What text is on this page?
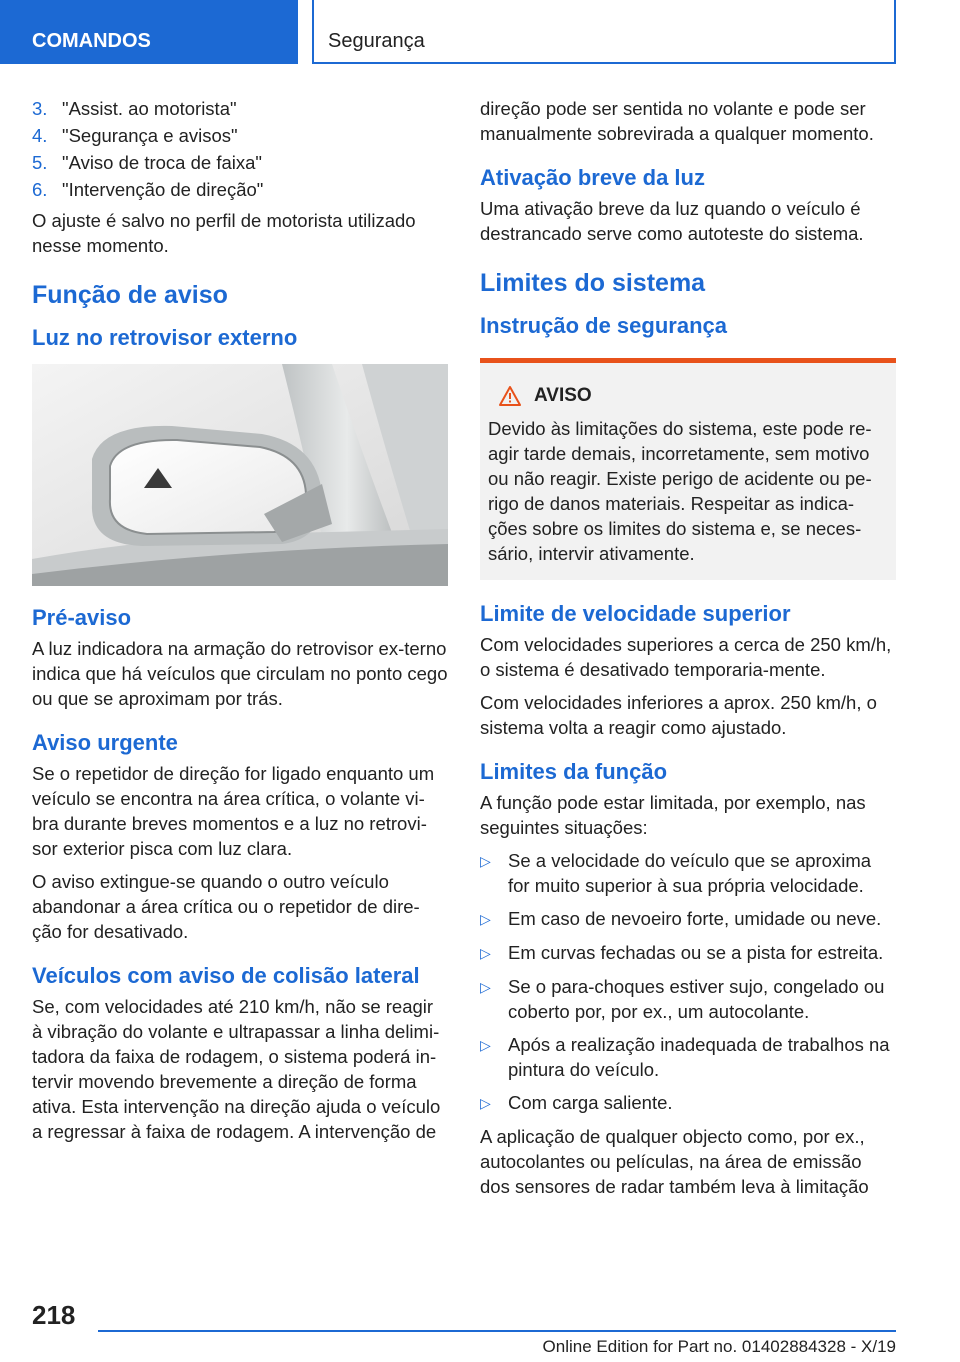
COMANDOS	Segurança
3. "Assist. ao motorista"
4. "Segurança e avisos"
5. "Aviso de troca de faixa"
6. "Intervenção de direção"

O ajuste é salvo no perfil de motorista utilizado nesse momento.

Função de aviso
Luz no retrovisor externo
Pré-aviso

A luz indicadora na armação do retrovisor ex-terno indica que há veículos que circulam no ponto cego ou que se aproximam por trás.

Aviso urgente

Se o repetidor de direção for ligado enquanto um veículo se encontra na área crítica, o volante vi-bra durante breves momentos e a luz no retrovi-sor exterior pisca com luz clara.

O aviso extingue-se quando o outro veículo abandonar a área crítica ou o repetidor de dire-ção for desativado.

Veículos com aviso de colisão lateral

Se, com velocidades até 210 km/h, não se reagir à vibração do volante e ultrapassar a linha delimi-tadora da faixa de rodagem, o sistema poderá in-tervir movendo brevemente a direção de forma ativa. Esta intervenção na direção ajuda o veículo a regressar à faixa de rodagem. A intervenção de

direção pode ser sentida no volante e pode ser manualmente sobrevirada a qualquer momento.

Ativação breve da luz

Uma ativação breve da luz quando o veículo é destrancado serve como autoteste do sistema.

Limites do sistema
Instrução de segurança
AVISO
Devido às limitações do sistema, este pode re-agir tarde demais, incorretamente, sem motivo ou não reagir. Existe perigo de acidente ou pe-rigo de danos materiais. Respeitar as indica-ções sobre os limites do sistema e, se neces-sário, intervir ativamente.
Limite de velocidade superior

Com velocidades superiores a cerca de 250 km/h, o sistema é desativado temporaria-mente.

Com velocidades inferiores a aprox. 250 km/h, o sistema volta a reagir como ajustado.

Limites da função

A função pode estar limitada, por exemplo, nas seguintes situações:

▷ Se a velocidade do veículo que se aproxima for muito superior à sua própria velocidade.
▷ Em caso de nevoeiro forte, umidade ou neve.
▷ Em curvas fechadas ou se a pista for estreita.
▷ Se o para-choques estiver sujo, congelado ou coberto por, por ex., um autocolante.
▷ Após a realização inadequada de trabalhos na pintura do veículo.
▷ Com carga saliente.

A aplicação de qualquer objecto como, por ex., autocolantes ou películas, na área de emissão dos sensores de radar também leva à limitação

218
Online Edition for Part no. 01402884328 - X/19
